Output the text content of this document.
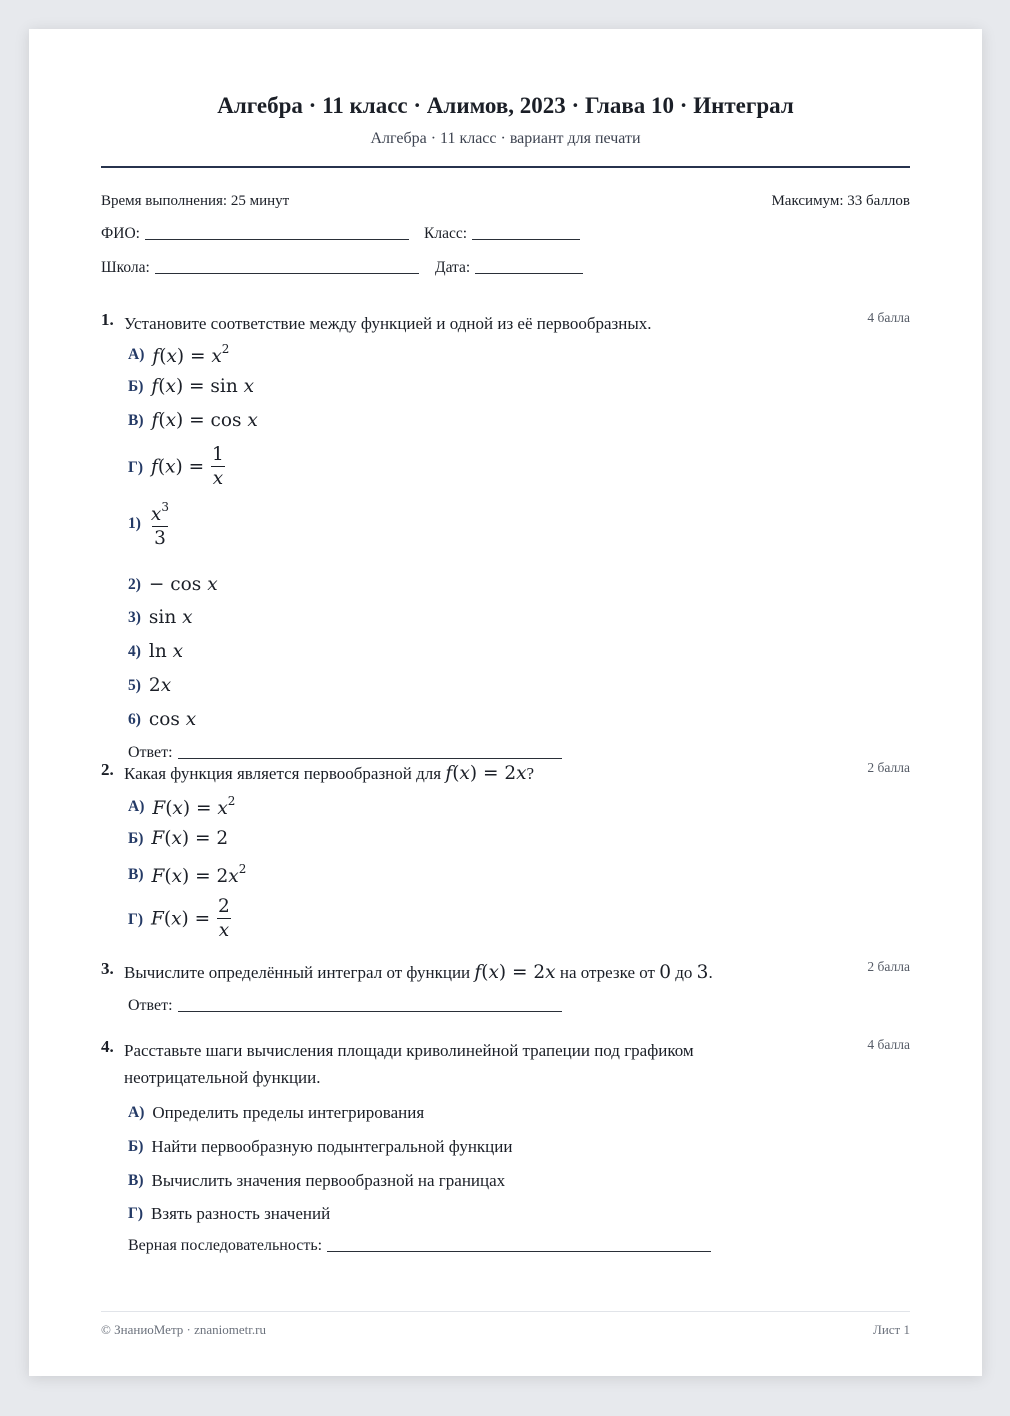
Алгебра · 11 класс · Алимов, 2023 · Глава 10 · Интеграл
Алгебра · 11 класс · вариант для печати
Время выполнения: 25 минут	Максимум: 33 баллов
ФИО:	Класс:
Школа:	Дата:
1. Установите соответствие между функцией и одной из её первообразных.	4 балла
А) $f(x) = x^2$
Б) f(x) = sin x
В) f(x) = cos x
Г) $f(x) = \frac{1}{x}$
$1) \frac{x^3}{3}$
2) − cos x
3) sin x
4) ln x
5) 2x
6) cos x
Ответ:
2. Какая функция является первообразной для f(x) = 2x?	2 балла
А) $F(x) = x^2$
Б) F(x) = 2
В) $F(x) = 2x^2$
Г) $F(x) = \frac{2}{x}$
3. Вычислите определённый интеграл от функции f(x) = 2x на отрезке от 0 до 3.	2 балла
Ответ:
4. Расставьте шаги вычисления площади криволинейной трапеции под графиком неотрицательной функции.
4 балла
А) Определить пределы интегрирования
Б) Найти первообразную подынтегральной функции
В) Вычислить значения первообразной на границах
Г) Взять разность значений
Верная последовательность:
© ЗнаниоМетр · znaniometr.ru	Лист 1
